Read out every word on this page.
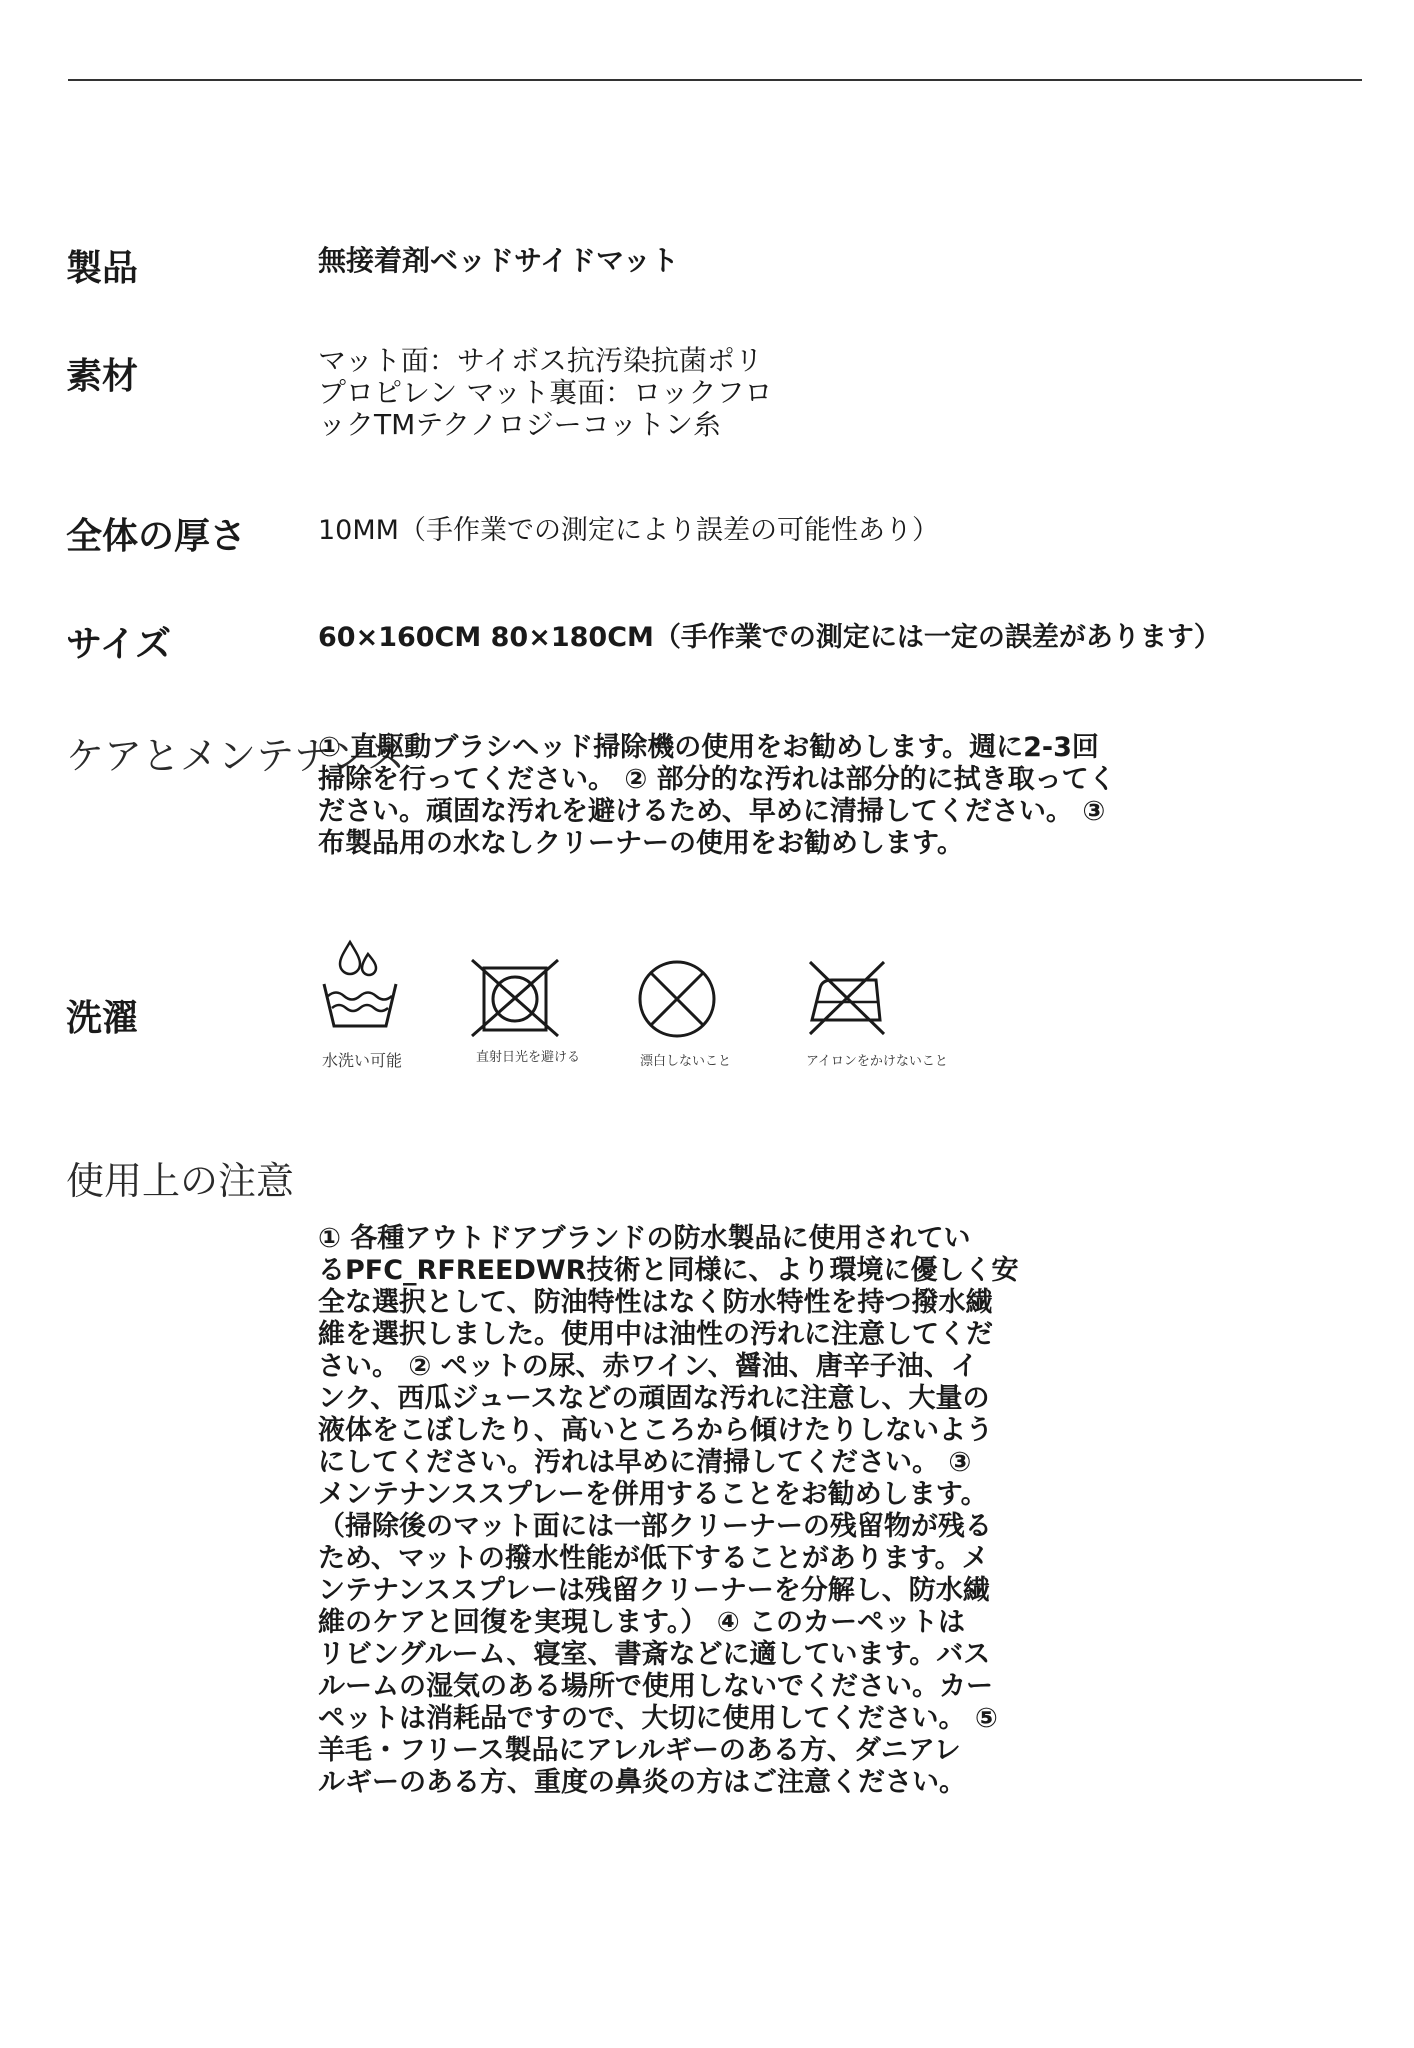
製品	無接着剤ベッドサイドマット
素材	マット面：サイボス抗汚染抗菌ポリ
プロピレン マット裏面：ロックフロ
ックTMテクノロジーコットン糸
全体の厚さ	10MM（手作業での測定により誤差の可能性あり）
サイズ	60×160CM 80×180CM（手作業での測定には一定の誤差があります）
ケアとメンテナンス

① 直駆動ブラシヘッド掃除機の使用をお勧めします。週に2-3回

掃除を行ってください。 ② 部分的な汚れは部分的に拭き取ってく

ださい。頑固な汚れを避けるため、早めに清掃してください。 ③

布製品用の水なしクリーナーの使用をお勧めします。

洗濯
水洗い可能	直射日光を避ける	漂白しないこと	アイロンをかけないこと
使用上の注意

① 各種アウトドアブランドの防水製品に使用されてい

るPFC_RFREEDWR技術と同様に、より環境に優しく安

全な選択として、防油特性はなく防水特性を持つ撥水繊

維を選択しました。使用中は油性の汚れに注意してくだ

さい。 ② ペットの尿、赤ワイン、醤油、唐辛子油、イ

ンク、西瓜ジュースなどの頑固な汚れに注意し、大量の

液体をこぼしたり、高いところから傾けたりしないよう

にしてください。汚れは早めに清掃してください。 ③

メンテナンススプレーを併用することをお勧めします。

（掃除後のマット面には一部クリーナーの残留物が残る

ため、マットの撥水性能が低下することがあります。メ

ンテナンススプレーは残留クリーナーを分解し、防水繊

維のケアと回復を実現します。） ④ このカーペットは

リビングルーム、寝室、書斎などに適しています。バス

ルームの湿気のある場所で使用しないでください。カー

ペットは消耗品ですので、大切に使用してください。 ⑤

羊毛・フリース製品にアレルギーのある方、ダニアレ

ルギーのある方、重度の鼻炎の方はご注意ください。
